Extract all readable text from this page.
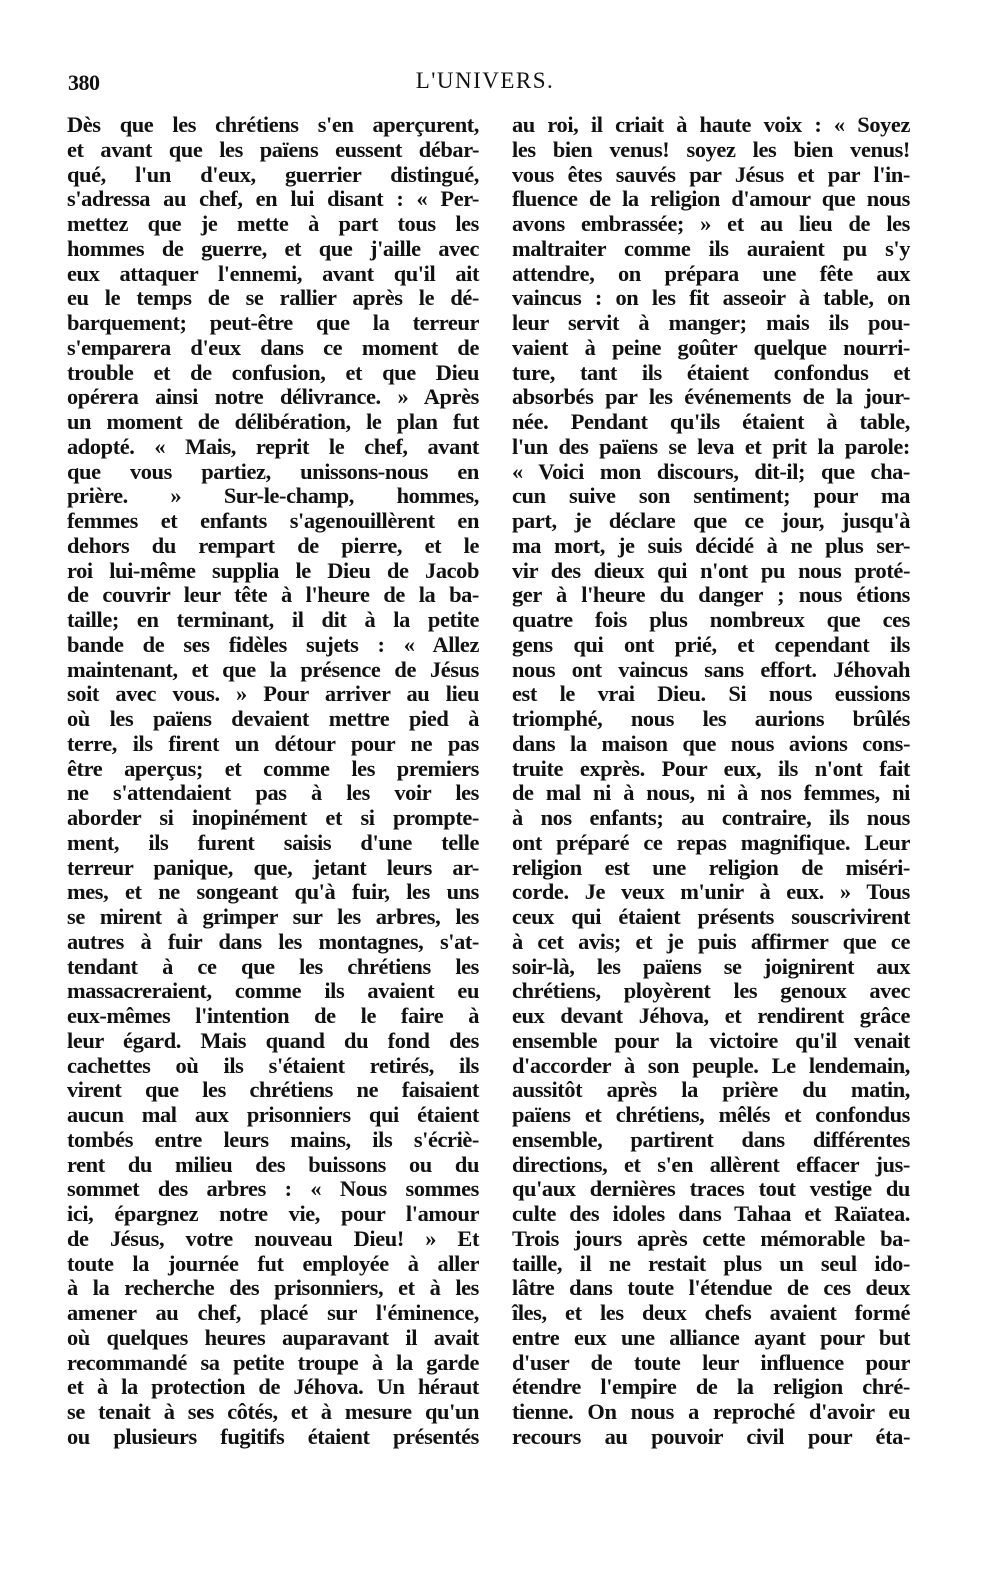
380	L'UNIVERS.
Dès que les chrétiens s'en aperçurent,
et avant que les païens eussent débar-
qué, l'un d'eux, guerrier distingué,
s'adressa au chef, en lui disant : « Per-
mettez que je mette à part tous les
hommes de guerre, et que j'aille avec
eux attaquer l'ennemi, avant qu'il ait
eu le temps de se rallier après le dé-
barquement; peut-être que la terreur
s'emparera d'eux dans ce moment de
trouble et de confusion, et que Dieu
opérera ainsi notre délivrance. » Après
un moment de délibération, le plan fut
adopté. « Mais, reprit le chef, avant
que vous partiez, unissons-nous en
prière. » Sur-le-champ, hommes,
femmes et enfants s'agenouillèrent en
dehors du rempart de pierre, et le
roi lui-même supplia le Dieu de Jacob
de couvrir leur tête à l'heure de la ba-
taille; en terminant, il dit à la petite
bande de ses fidèles sujets : « Allez
maintenant, et que la présence de Jésus
soit avec vous. » Pour arriver au lieu
où les païens devaient mettre pied à
terre, ils firent un détour pour ne pas
être aperçus; et comme les premiers
ne s'attendaient pas à les voir les
aborder si inopinément et si prompte-
ment, ils furent saisis d'une telle
terreur panique, que, jetant leurs ar-
mes, et ne songeant qu'à fuir, les uns
se mirent à grimper sur les arbres, les
autres à fuir dans les montagnes, s'at-
tendant à ce que les chrétiens les
massacreraient, comme ils avaient eu
eux-mêmes l'intention de le faire à
leur égard. Mais quand du fond des
cachettes où ils s'étaient retirés, ils
virent que les chrétiens ne faisaient
aucun mal aux prisonniers qui étaient
tombés entre leurs mains, ils s'écriè-
rent du milieu des buissons ou du
sommet des arbres : « Nous sommes
ici, épargnez notre vie, pour l'amour
de Jésus, votre nouveau Dieu! » Et
toute la journée fut employée à aller
à la recherche des prisonniers, et à les
amener au chef, placé sur l'éminence,
où quelques heures auparavant il avait
recommandé sa petite troupe à la garde
et à la protection de Jéhova. Un héraut
se tenait à ses côtés, et à mesure qu'un
ou plusieurs fugitifs étaient présentés
au roi, il criait à haute voix : « Soyez
les bien venus! soyez les bien venus!
vous êtes sauvés par Jésus et par l'in-
fluence de la religion d'amour que nous
avons embrassée; » et au lieu de les
maltraiter comme ils auraient pu s'y
attendre, on prépara une fête aux
vaincus : on les fit asseoir à table, on
leur servit à manger; mais ils pou-
vaient à peine goûter quelque nourri-
ture, tant ils étaient confondus et
absorbés par les événements de la jour-
née. Pendant qu'ils étaient à table,
l'un des païens se leva et prit la parole:
« Voici mon discours, dit-il; que cha-
cun suive son sentiment; pour ma
part, je déclare que ce jour, jusqu'à
ma mort, je suis décidé à ne plus ser-
vir des dieux qui n'ont pu nous proté-
ger à l'heure du danger ; nous étions
quatre fois plus nombreux que ces
gens qui ont prié, et cependant ils
nous ont vaincus sans effort. Jéhovah
est le vrai Dieu. Si nous eussions
triomphé, nous les aurions brûlés
dans la maison que nous avions cons-
truite exprès. Pour eux, ils n'ont fait
de mal ni à nous, ni à nos femmes, ni
à nos enfants; au contraire, ils nous
ont préparé ce repas magnifique. Leur
religion est une religion de miséri-
corde. Je veux m'unir à eux. » Tous
ceux qui étaient présents souscrivirent
à cet avis; et je puis affirmer que ce
soir-là, les païens se joignirent aux
chrétiens, ployèrent les genoux avec
eux devant Jéhova, et rendirent grâce
ensemble pour la victoire qu'il venait
d'accorder à son peuple. Le lendemain,
aussitôt après la prière du matin,
païens et chrétiens, mêlés et confondus
ensemble, partirent dans différentes
directions, et s'en allèrent effacer jus-
qu'aux dernières traces tout vestige du
culte des idoles dans Tahaa et Raïatea.
Trois jours après cette mémorable ba-
taille, il ne restait plus un seul ido-
lâtre dans toute l'étendue de ces deux
îles, et les deux chefs avaient formé
entre eux une alliance ayant pour but
d'user de toute leur influence pour
étendre l'empire de la religion chré-
tienne. On nous a reproché d'avoir eu
recours au pouvoir civil pour éta-
